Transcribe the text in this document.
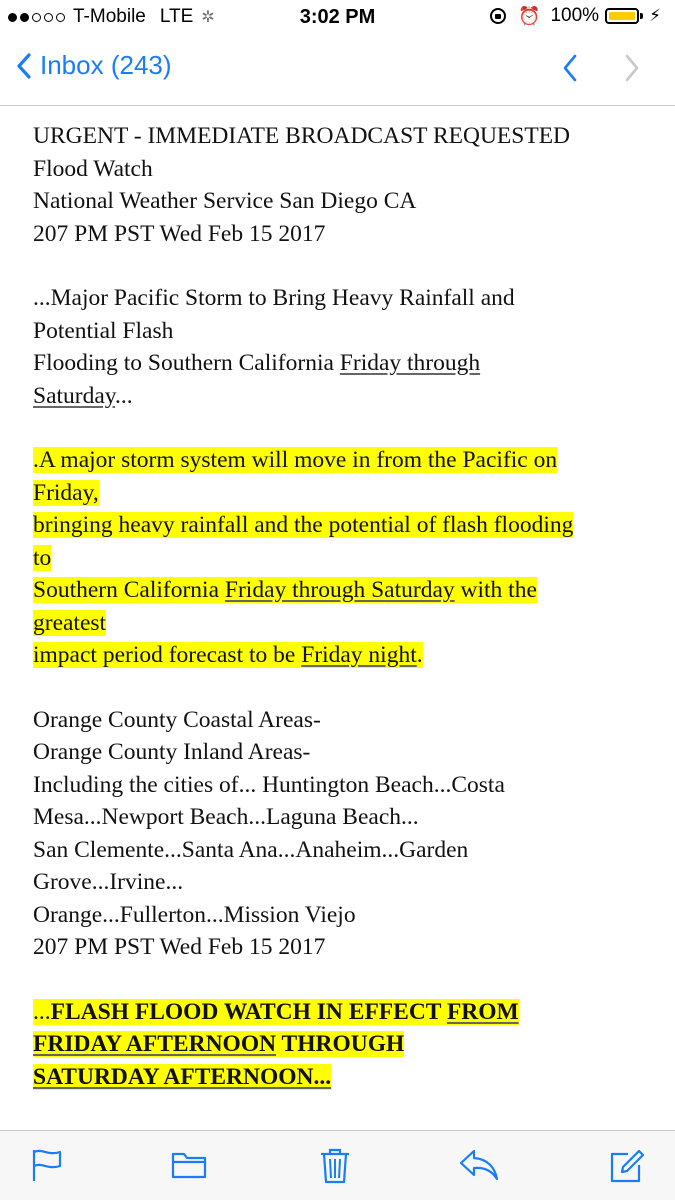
T-Mobile LTE ✲	3:02 PM	⏰ 100%	⚡︎
Inbox (243)
URGENT - IMMEDIATE BROADCAST REQUESTED
Flood Watch
National Weather Service San Diego CA
207 PM PST Wed Feb 15 2017
...Major Pacific Storm to Bring Heavy Rainfall and
Potential Flash
Flooding to Southern California Friday through
Saturday...
.A major storm system will move in from the Pacific on
Friday,
bringing heavy rainfall and the potential of flash flooding
to
Southern California Friday through Saturday with the
greatest
impact period forecast to be Friday night.
Orange County Coastal Areas-
Orange County Inland Areas-
Including the cities of... Huntington Beach...Costa
Mesa...Newport Beach...Laguna Beach...
San Clemente...Santa Ana...Anaheim...Garden
Grove...Irvine...
Orange...Fullerton...Mission Viejo
207 PM PST Wed Feb 15 2017
...FLASH FLOOD WATCH IN EFFECT FROM
FRIDAY AFTERNOON THROUGH
SATURDAY AFTERNOON...
